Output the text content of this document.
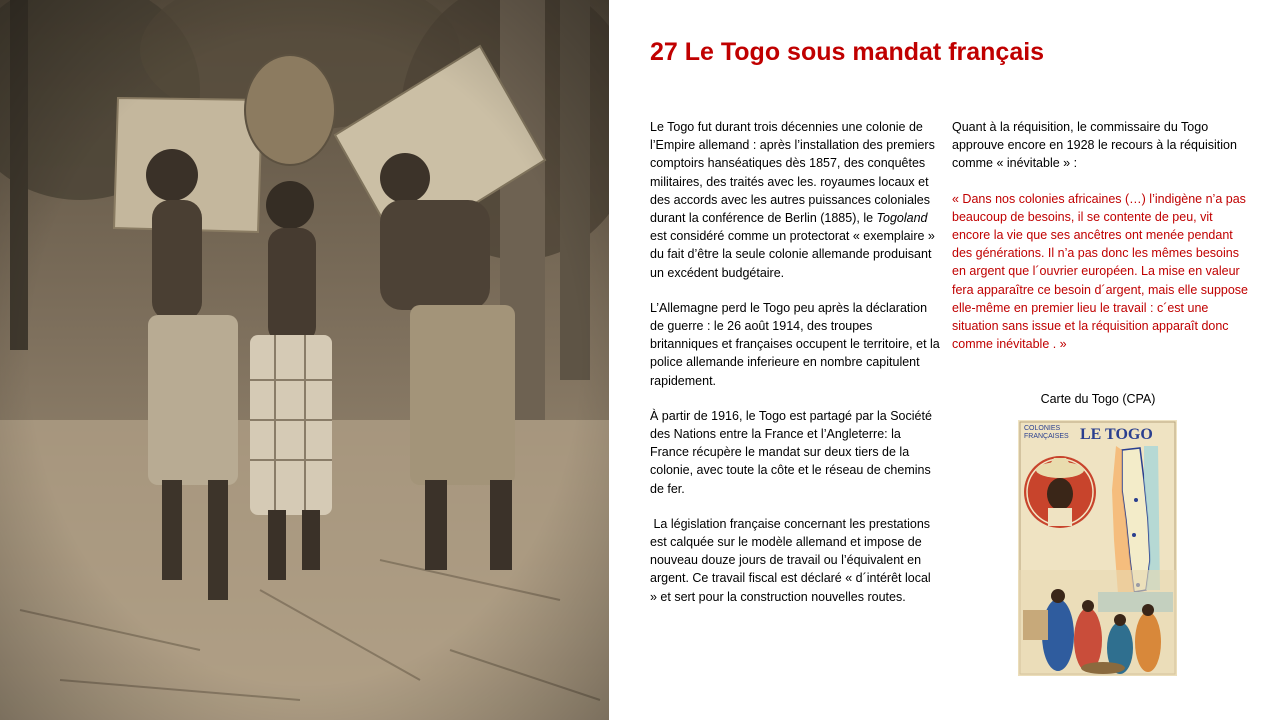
27 Le Togo sous mandat français

Le Togo fut durant trois décennies une colonie de l’Empire allemand : après l’installation des premiers comptoirs hanséatiques dès 1857, des conquêtes militaires, des traités avec les. royaumes locaux et des accords avec les autres puissances coloniales durant la conférence de Berlin (1885), le Togoland est considéré comme un protectorat « exemplaire » du fait d’être la seule colonie allemande produisant un excédent budgétaire.

L’Allemagne perd le Togo peu après la déclaration de guerre : le 26 août 1914, des troupes britanniques et françaises occupent le territoire, et la police allemande inferieure en nombre capitulent rapidement.

À partir de 1916, le Togo est partagé par la Société des Nations entre la France et l’Angleterre: la France récupère le mandat sur deux tiers de la colonie, avec toute la côte et le réseau de chemins de fer.

La législation française concernant les prestations est calquée sur le modèle allemand et impose de nouveau douze jours de travail ou l’équivalent en argent. Ce travail fiscal est déclaré « d´intérêt local » et sert pour la construction nouvelles routes.

Quant à la réquisition, le commissaire du Togo approuve encore en 1928 le recours à la réquisition comme « inévitable » :

« Dans nos colonies africaines (…) l’indigène n’a pas beaucoup de besoins, il se contente de peu, vit encore la vie que ses ancêtres ont menée pendant des générations. Il n’a pas donc les mêmes besoins en argent que l´ouvrier européen. La mise en valeur fera apparaître ce besoin d´argent, mais elle suppose elle-même en premier lieu le travail : c´est une situation sans issue et la réquisition apparaît donc comme inévitable . »

Carte du Togo (CPA)
COLONIES
FRANÇAISES LE TOGO
